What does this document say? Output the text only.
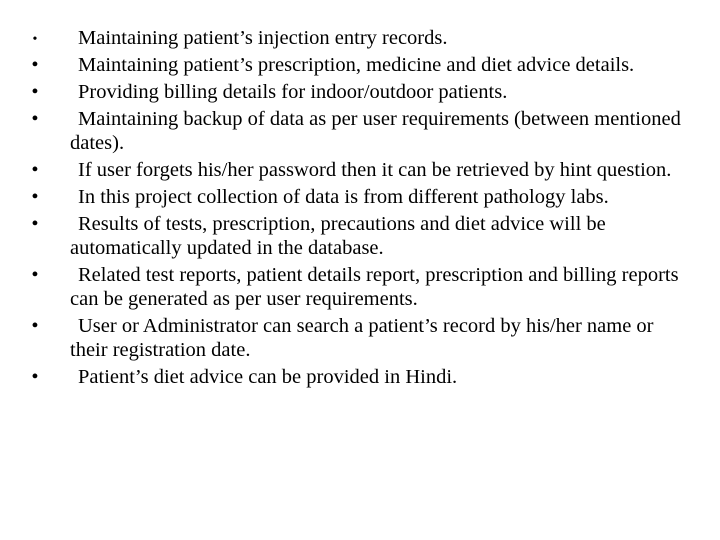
•	Maintaining patient’s injection entry records.
•	Maintaining patient’s prescription, medicine and diet advice details.
•	Providing billing details for indoor/outdoor patients.
•	Maintaining backup of data as per user requirements (between mentioned dates).
•	If user forgets his/her password then it can be retrieved by hint question.
•	In this project collection of data is from different pathology labs.
•	Results of tests, prescription, precautions and diet advice will be automatically updated in the database.
•	Related test reports, patient details report, prescription and billing reports can be generated as per user requirements.
•	User or Administrator can search a patient’s record by his/her name or their registration date.
•	Patient’s diet advice can be provided in Hindi.
